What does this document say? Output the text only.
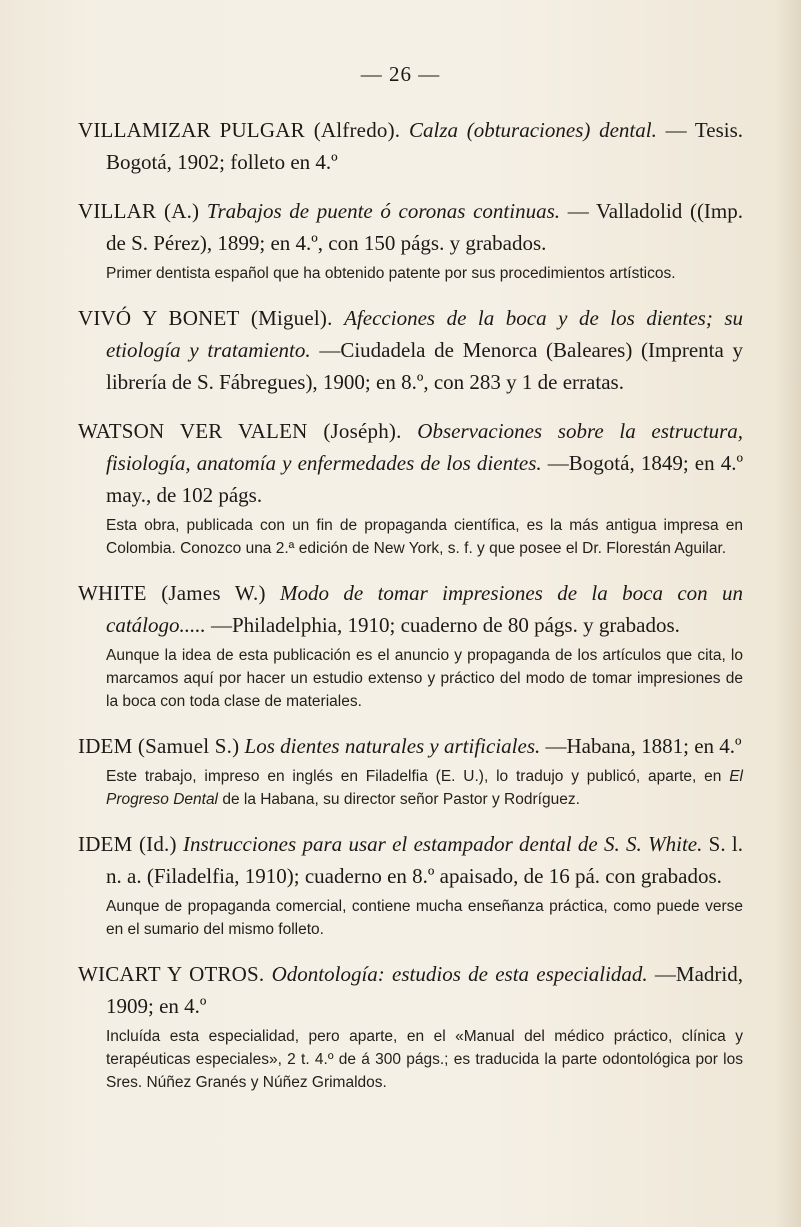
— 26 —
VILLAMIZAR PULGAR (Alfredo). Calza (obturaciones) dental. — Tesis. Bogotá, 1902; folleto en 4.º
VILLAR (A.) Trabajos de puente ó coronas continuas. — Valladolid ((Imp. de S. Pérez), 1899; en 4.º, con 150 págs. y grabados.
Primer dentista español que ha obtenido patente por sus procedimientos artísticos.
VIVÓ Y BONET (Miguel). Afecciones de la boca y de los dientes; su etiología y tratamiento. —Ciudadela de Menorca (Baleares) (Imprenta y librería de S. Fábregues), 1900; en 8.º, con 283 y 1 de erratas.
WATSON VER VALEN (Joséph). Observaciones sobre la estructura, fisiología, anatomía y enfermedades de los dientes. —Bogotá, 1849; en 4.º may., de 102 págs.
Esta obra, publicada con un fin de propaganda científica, es la más antigua impresa en Colombia. Conozco una 2.ª edición de New York, s. f. y que posee el Dr. Florestán Aguilar.
WHITE (James W.) Modo de tomar impresiones de la boca con un catálogo..... —Philadelphia, 1910; cuaderno de 80 págs. y grabados.
Aunque la idea de esta publicación es el anuncio y propaganda de los artículos que cita, lo marcamos aquí por hacer un estudio extenso y práctico del modo de tomar impresiones de la boca con toda clase de materiales.
IDEM (Samuel S.) Los dientes naturales y artificiales. —Habana, 1881; en 4.º
Este trabajo, impreso en inglés en Filadelfia (E. U.), lo tradujo y publicó, aparte, en El Progreso Dental de la Habana, su director señor Pastor y Rodríguez.
IDEM (Id.) Instrucciones para usar el estampador dental de S. S. White. S. l. n. a. (Filadelfia, 1910); cuaderno en 8.º apaisado, de 16 pá. con grabados.
Aunque de propaganda comercial, contiene mucha enseñanza práctica, como puede verse en el sumario del mismo folleto.
WICART Y OTROS. Odontología: estudios de esta especialidad. —Madrid, 1909; en 4.º
Incluída esta especialidad, pero aparte, en el «Manual del médico práctico, clínica y terapéuticas especiales», 2 t. 4.º de á 300 págs.; es traducida la parte odontológica por los Sres. Núñez Granés y Núñez Grimaldos.
